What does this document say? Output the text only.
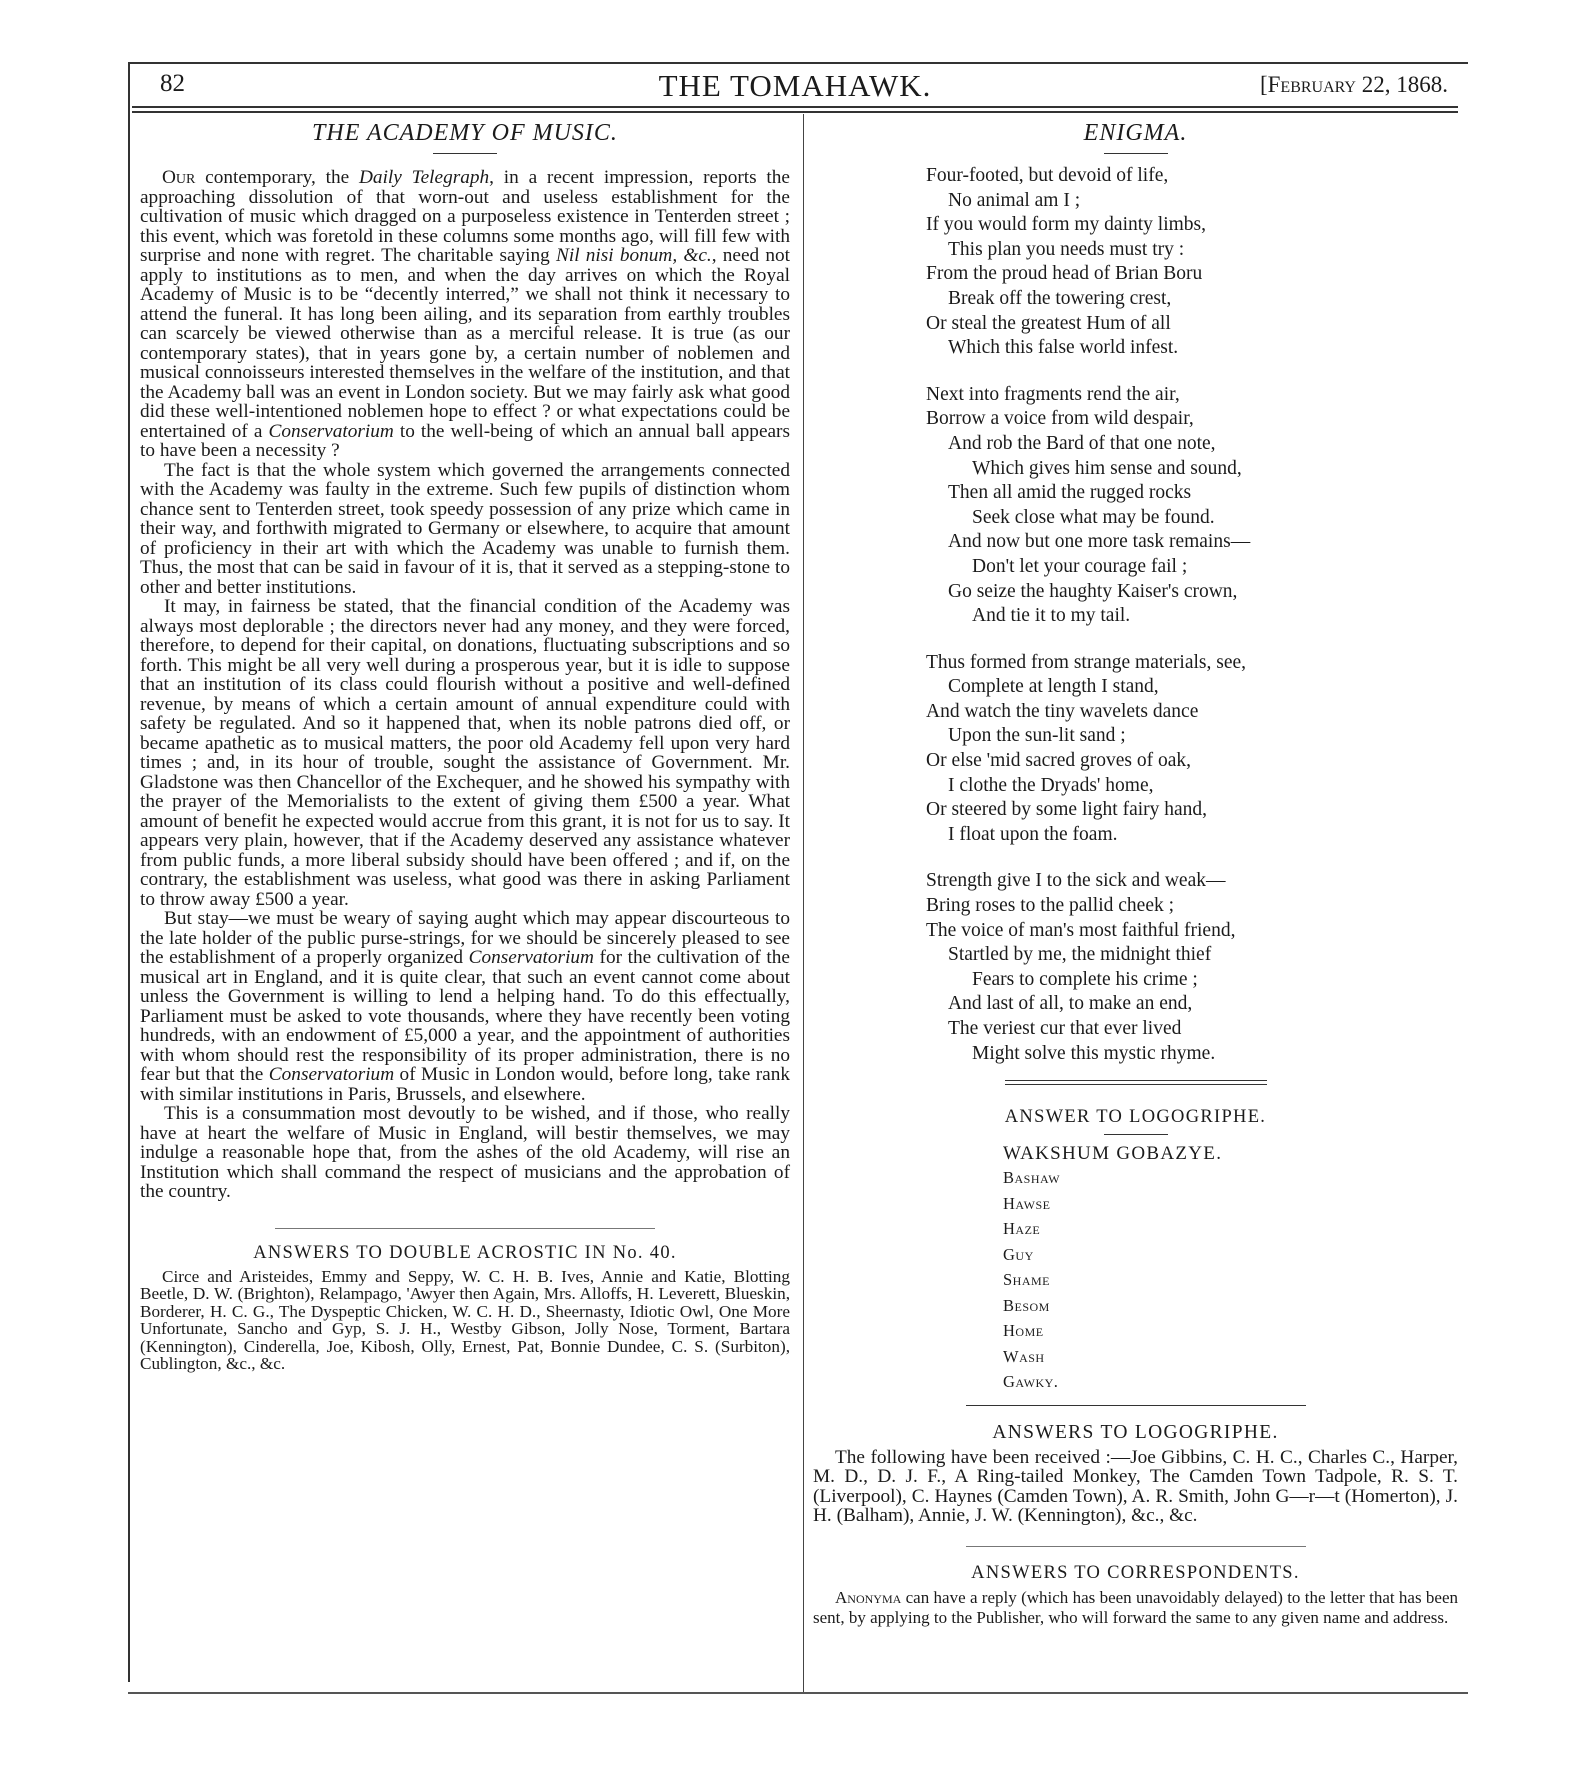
82	THE TOMAHAWK.	[February 22, 1868.
THE ACADEMY OF MUSIC.

Our contemporary, the Daily Telegraph, in a recent impression, reports the approaching dissolution of that worn-out and useless establishment for the cultivation of music which dragged on a purposeless existence in Tenterden street ; this event, which was foretold in these columns some months ago, will fill few with surprise and none with regret. The charitable saying Nil nisi bonum, &c., need not apply to institutions as to men, and when the day arrives on which the Royal Academy of Music is to be “decently interred,” we shall not think it necessary to attend the funeral. It has long been ailing, and its separation from earthly troubles can scarcely be viewed otherwise than as a merciful release. It is true (as our contemporary states), that in years gone by, a certain number of noblemen and musical connoisseurs interested themselves in the welfare of the institution, and that the Academy ball was an event in London society. But we may fairly ask what good did these well-intentioned noblemen hope to effect ? or what expectations could be entertained of a Conservatorium to the well-being of which an annual ball appears to have been a necessity ?

The fact is that the whole system which governed the arrangements connected with the Academy was faulty in the extreme. Such few pupils of distinction whom chance sent to Tenterden street, took speedy possession of any prize which came in their way, and forthwith migrated to Germany or elsewhere, to acquire that amount of proficiency in their art with which the Academy was unable to furnish them. Thus, the most that can be said in favour of it is, that it served as a stepping-stone to other and better institutions.

It may, in fairness be stated, that the financial condition of the Academy was always most deplorable ; the directors never had any money, and they were forced, therefore, to depend for their capital, on donations, fluctuating subscriptions and so forth. This might be all very well during a prosperous year, but it is idle to suppose that an institution of its class could flourish without a positive and well-defined revenue, by means of which a certain amount of annual expenditure could with safety be regulated. And so it happened that, when its noble patrons died off, or became apathetic as to musical matters, the poor old Academy fell upon very hard times ; and, in its hour of trouble, sought the assistance of Government. Mr. Gladstone was then Chancellor of the Exchequer, and he showed his sympathy with the prayer of the Memorialists to the extent of giving them £500 a year. What amount of benefit he expected would accrue from this grant, it is not for us to say. It appears very plain, however, that if the Academy deserved any assistance whatever from public funds, a more liberal subsidy should have been offered ; and if, on the contrary, the establishment was useless, what good was there in asking Parliament to throw away £500 a year.

But stay—we must be weary of saying aught which may appear discourteous to the late holder of the public purse-strings, for we should be sincerely pleased to see the establishment of a properly organized Conservatorium for the cultivation of the musical art in England, and it is quite clear, that such an event cannot come about unless the Government is willing to lend a helping hand. To do this effectually, Parliament must be asked to vote thousands, where they have recently been voting hundreds, with an endowment of £5,000 a year, and the appointment of authorities with whom should rest the responsibility of its proper administration, there is no fear but that the Conservatorium of Music in London would, before long, take rank with similar institutions in Paris, Brussels, and elsewhere.

This is a consummation most devoutly to be wished, and if those, who really have at heart the welfare of Music in England, will bestir themselves, we may indulge a reasonable hope that, from the ashes of the old Academy, will rise an Institution which shall command the respect of musicians and the approbation of the country.

ANSWERS TO DOUBLE ACROSTIC IN No. 40.

Circe and Aristeides, Emmy and Seppy, W. C. H. B. Ives, Annie and Katie, Blotting Beetle, D. W. (Brighton), Relampago, 'Awyer then Again, Mrs. Alloffs, H. Leverett, Blueskin, Borderer, H. C. G., The Dyspeptic Chicken, W. C. H. D., Sheernasty, Idiotic Owl, One More Unfortunate, Sancho and Gyp, S. J. H., Westby Gibson, Jolly Nose, Torment, Bartara (Kennington), Cinderella, Joe, Kibosh, Olly, Ernest, Pat, Bonnie Dundee, C. S. (Surbiton), Cublington, &c., &c.

ENIGMA.
Four-footed, but devoid of life,
No animal am I ;
If you would form my dainty limbs,
This plan you needs must try :
From the proud head of Brian Boru
Break off the towering crest,
Or steal the greatest Hum of all
Which this false world infest.
Next into fragments rend the air,
Borrow a voice from wild despair,
And rob the Bard of that one note,
Which gives him sense and sound,
Then all amid the rugged rocks
Seek close what may be found.
And now but one more task remains—
Don't let your courage fail ;
Go seize the haughty Kaiser's crown,
And tie it to my tail.
Thus formed from strange materials, see,
Complete at length I stand,
And watch the tiny wavelets dance
Upon the sun-lit sand ;
Or else 'mid sacred groves of oak,
I clothe the Dryads' home,
Or steered by some light fairy hand,
I float upon the foam.
Strength give I to the sick and weak—
Bring roses to the pallid cheek ;
The voice of man's most faithful friend,
Startled by me, the midnight thief
Fears to complete his crime ;
And last of all, to make an end,
The veriest cur that ever lived
Might solve this mystic rhyme.
ANSWER TO LOGOGRIPHE.
WAKSHUM GOBAZYE.
Bashaw
Hawse
Haze
Guy
Shame
Besom
Home
Wash
Gawky.
ANSWERS TO LOGOGRIPHE.

The following have been received :—Joe Gibbins, C. H. C., Charles C., Harper, M. D., D. J. F., A Ring-tailed Monkey, The Camden Town Tadpole, R. S. T. (Liverpool), C. Haynes (Camden Town), A. R. Smith, John G—r—t (Homerton), J. H. (Balham), Annie, J. W. (Kennington), &c., &c.

ANSWERS TO CORRESPONDENTS.

Anonyma can have a reply (which has been unavoidably delayed) to the letter that has been sent, by applying to the Publisher, who will forward the same to any given name and address.
